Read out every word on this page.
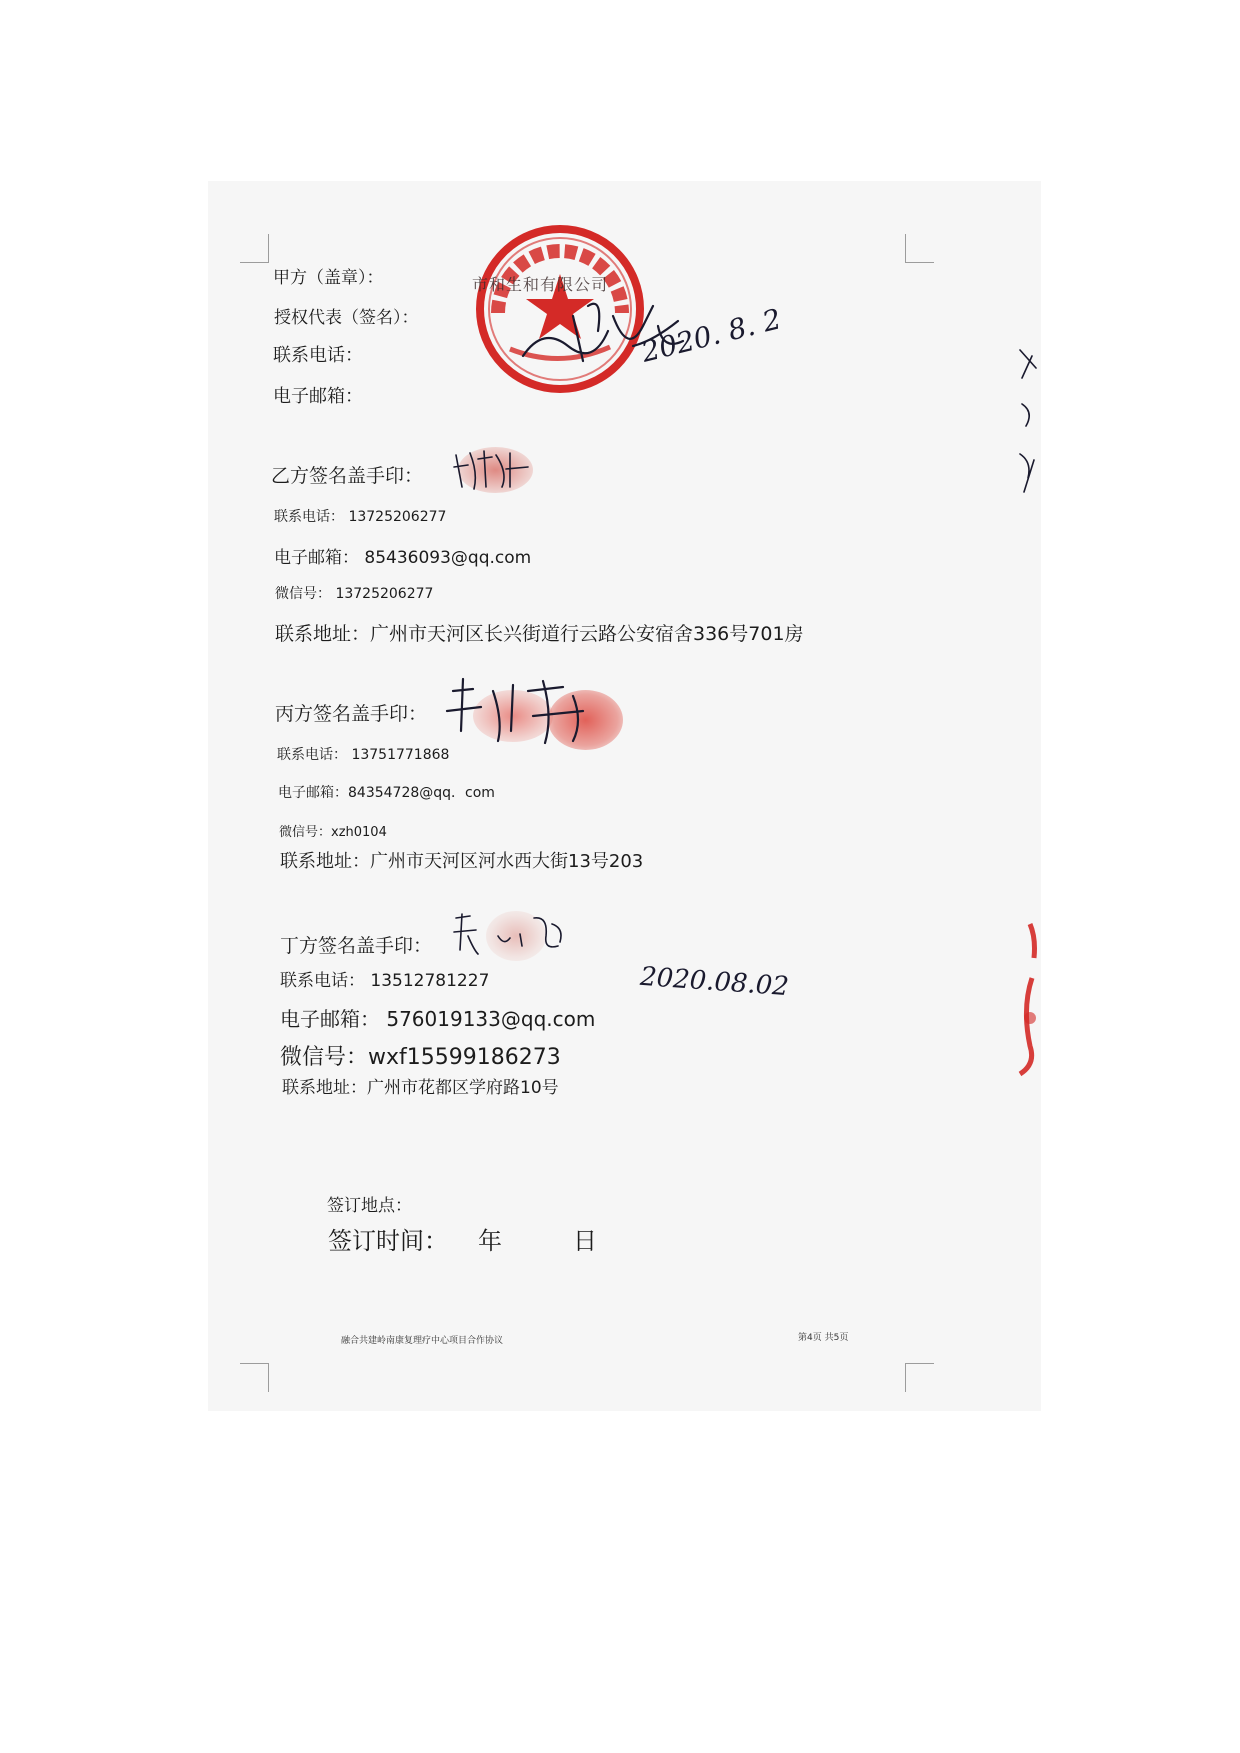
甲方（盖章）：
授权代表（签名）：
联系电话：
电子邮箱：
市和生和有限公司
2020. 8. 2
乙方签名盖手印：
联系电话： 13725206277
电子邮箱： 85436093@qq.com
微信号： 13725206277
联系地址：广州市天河区长兴街道行云路公安宿舍336号701房
丙方签名盖手印：
联系电话： 13751771868
电子邮箱：84354728@qq．com
微信号：xzh0104
联系地址：广州市天河区河水西大街13号203
丁方签名盖手印：
联系电话： 13512781227	2020.08.02
电子邮箱： 576019133@qq.com
微信号：wxf15599186273
联系地址：广州市花都区学府路10号
签订地点：
签订时间： 年	日
融合共建岭南康复理疗中心项目合作协议	第4页 共5页
